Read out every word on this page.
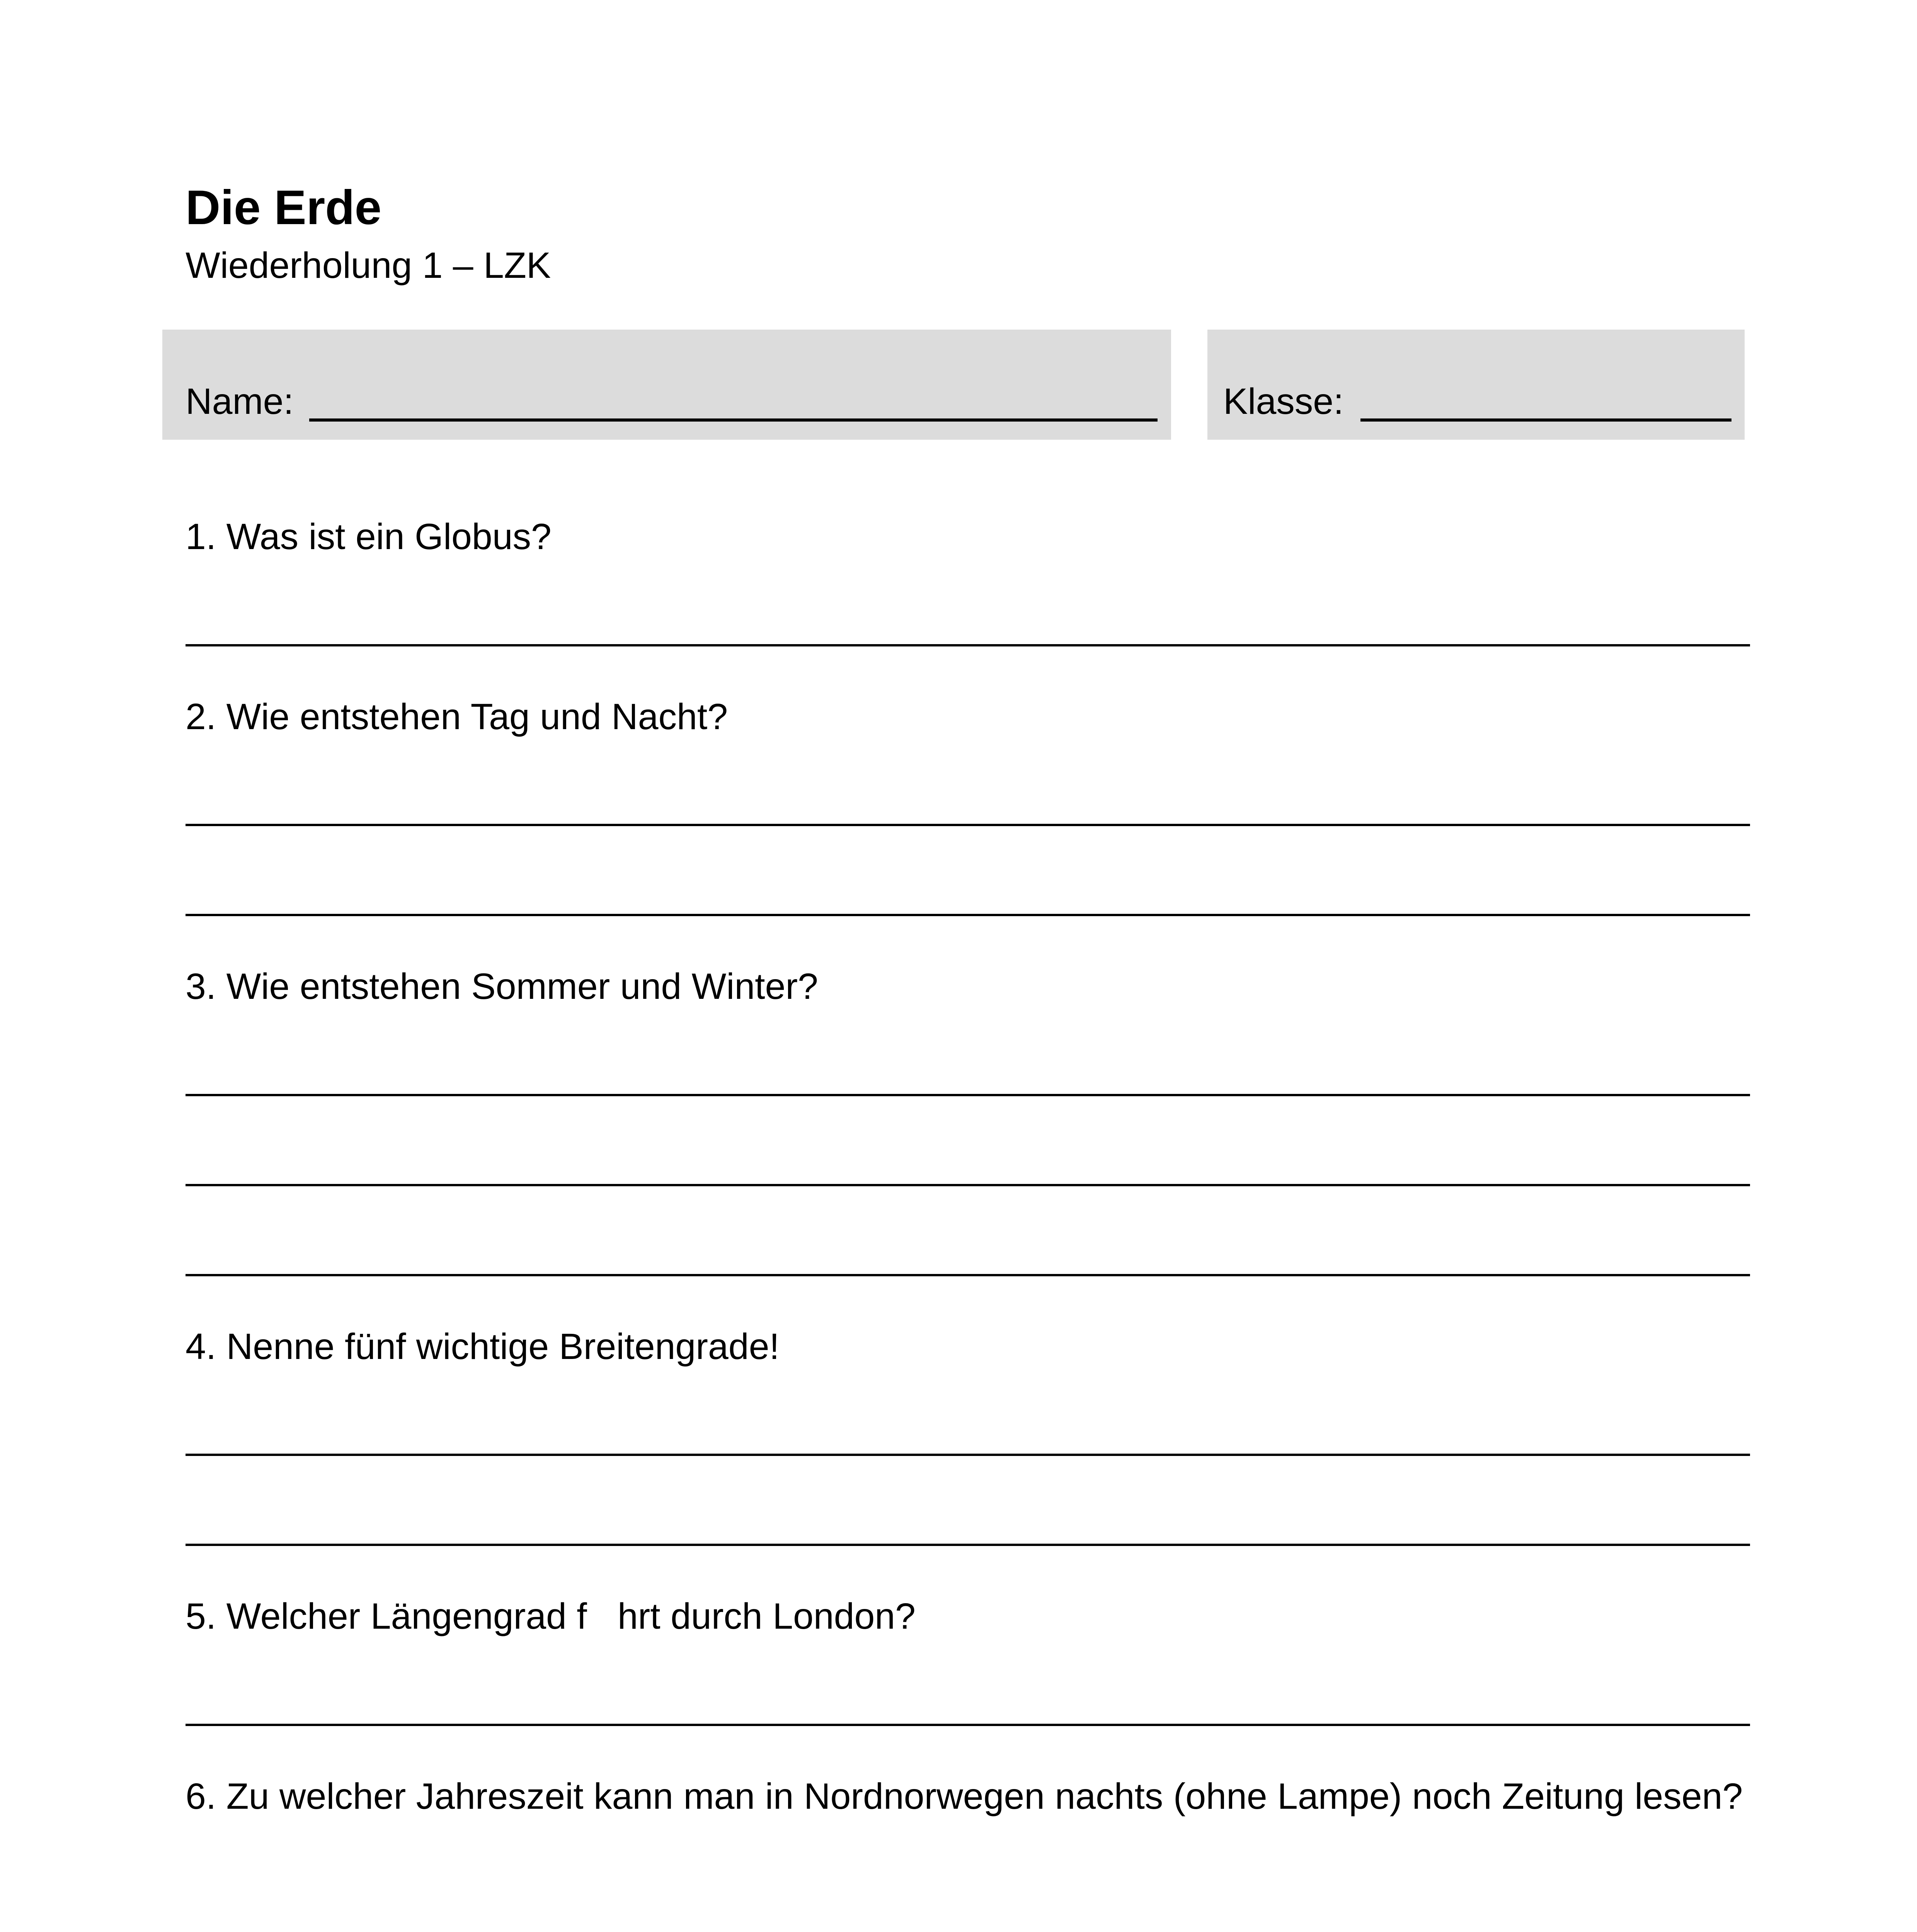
Die Erde
Wiederholung 1 – LZK
Name:	Klasse:
1. Was ist ein Globus?
2. Wie entstehen Tag und Nacht?
3. Wie entstehen Sommer und Winter?
4. Nenne fünf wichtige Breitengrade!
5. Welcher Längengrad f   hrt durch London?
6. Zu welcher Jahreszeit kann man in Nordnorwegen nachts (ohne Lampe) noch Zeitung lesen?
